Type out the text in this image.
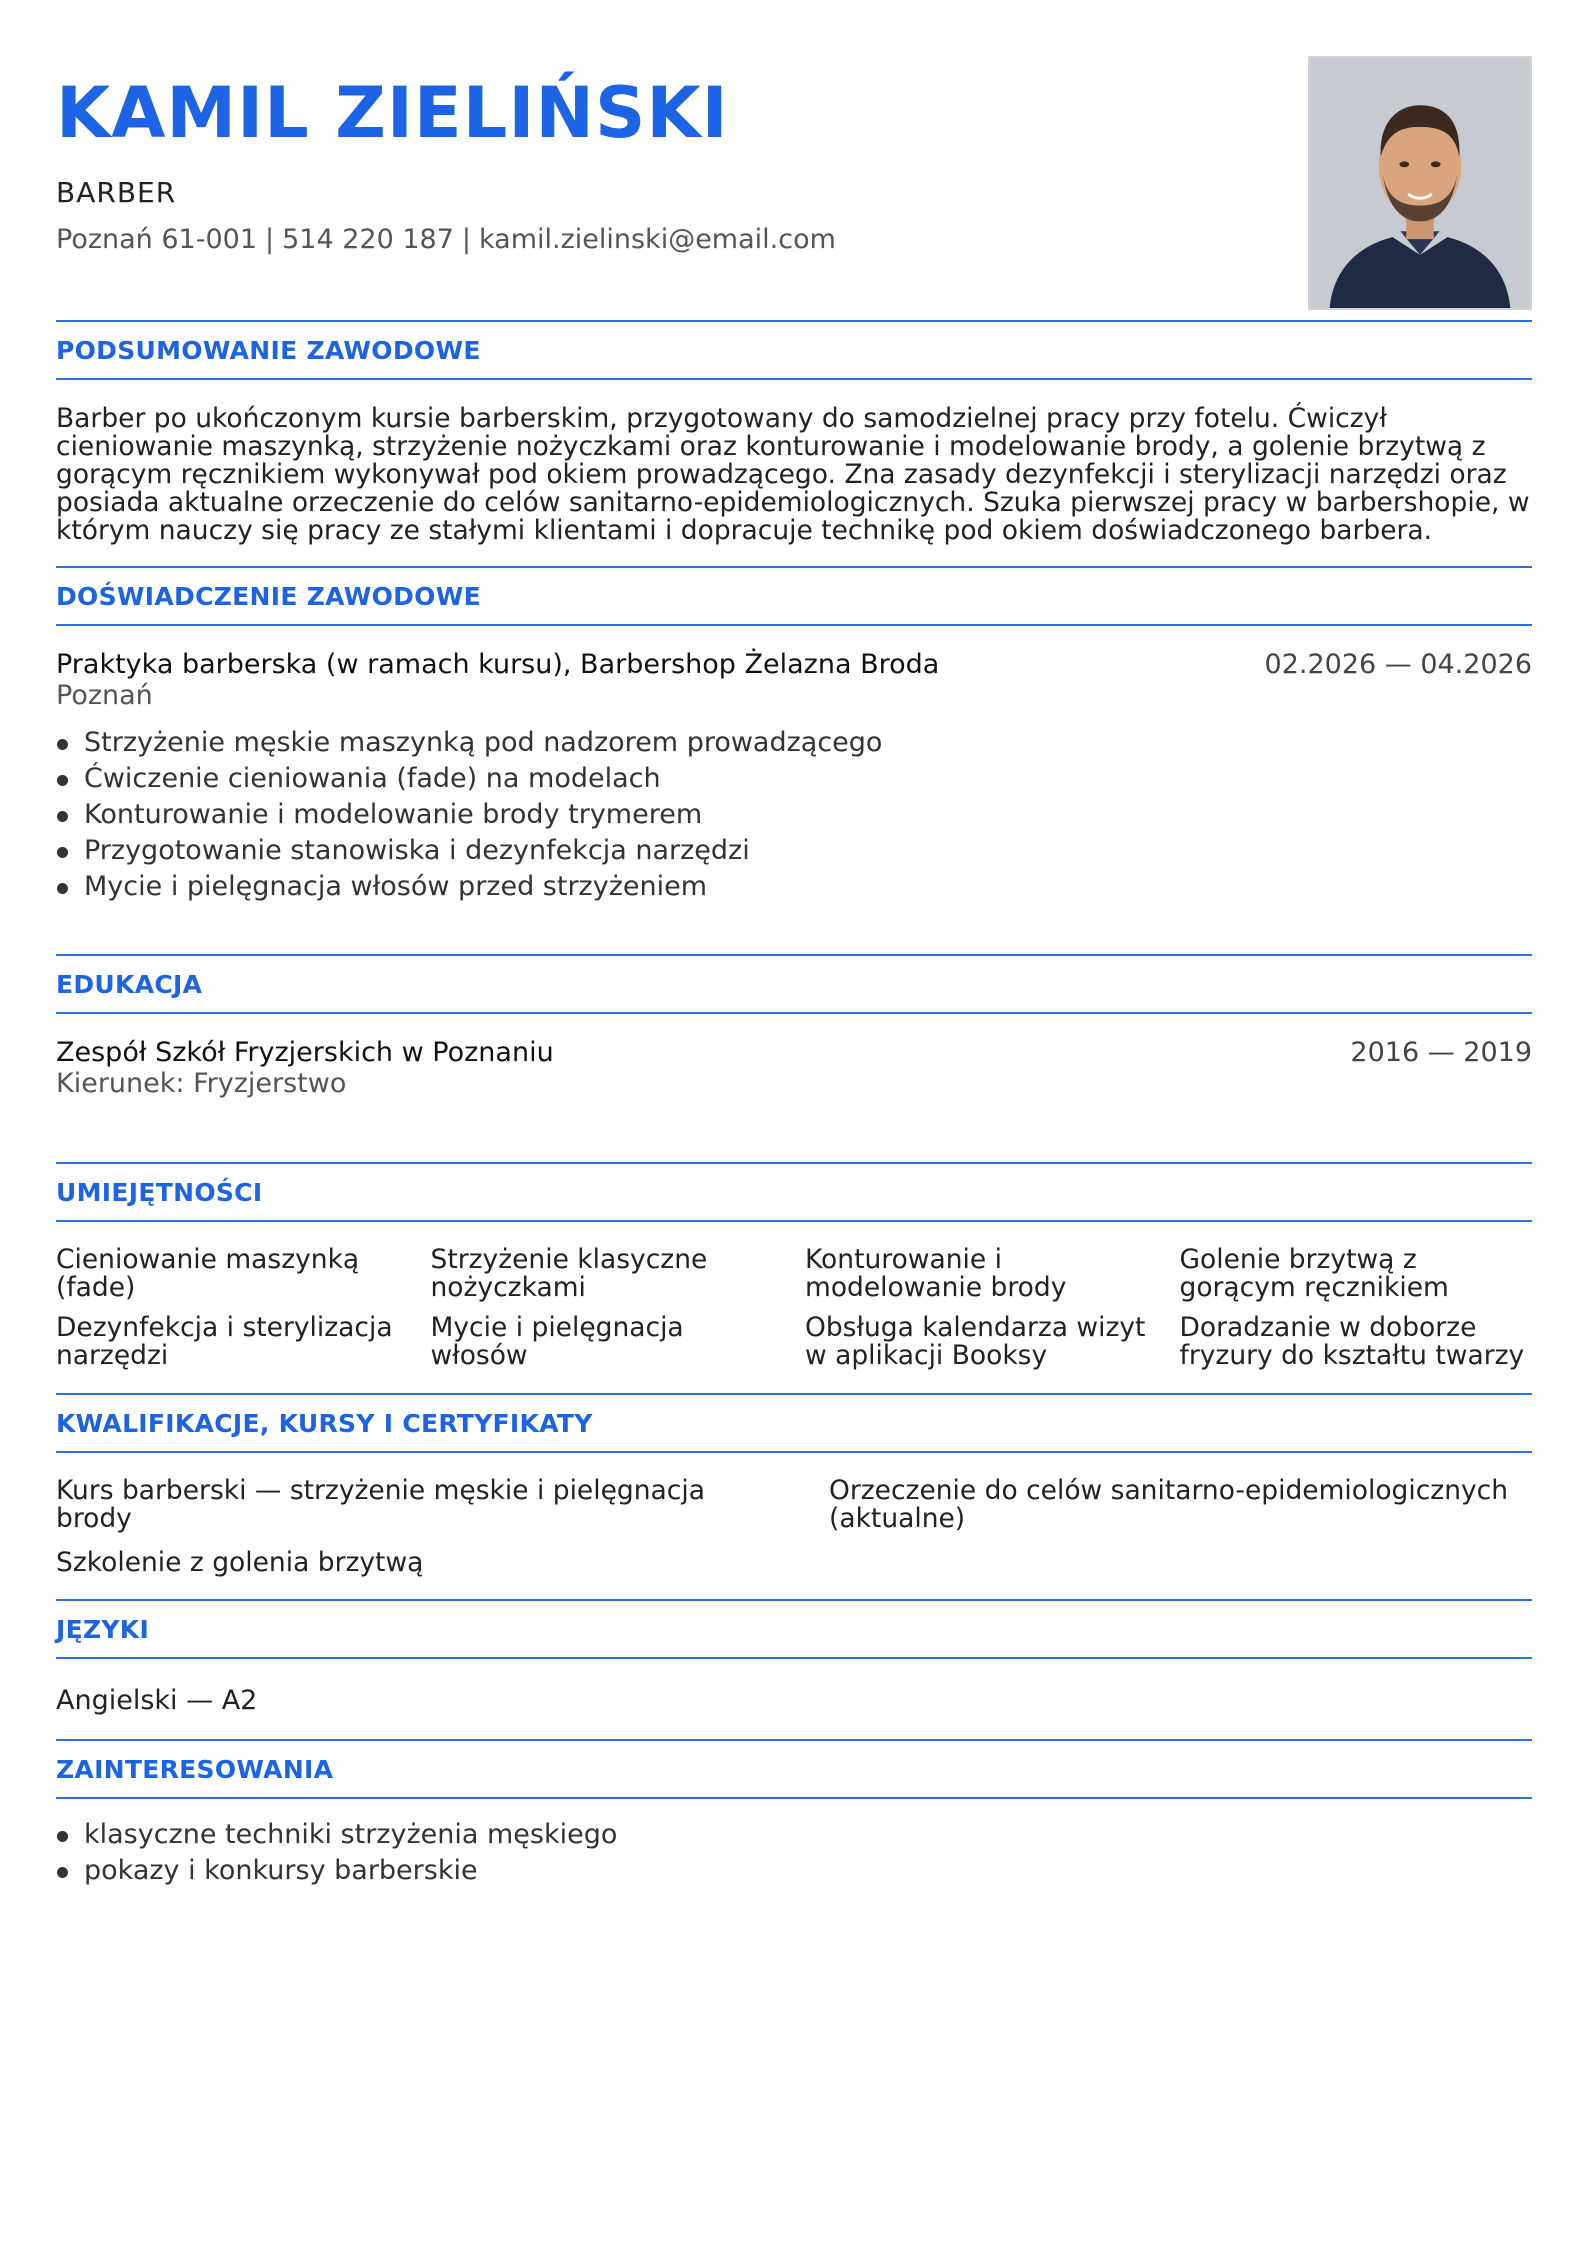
KAMIL ZIELIŃSKI
BARBER
Poznań 61-001 | 514 220 187 | kamil.zielinski@email.com
PODSUMOWANIE ZAWODOWE

Barber po ukończonym kursie barberskim, przygotowany do samodzielnej pracy przy fotelu. Ćwiczył cieniowanie maszynką, strzyżenie nożyczkami oraz konturowanie i modelowanie brody, a golenie brzytwą z gorącym ręcznikiem wykonywał pod okiem prowadzącego. Zna zasady dezynfekcji i sterylizacji narzędzi oraz posiada aktualne orzeczenie do celów sanitarno-epidemiologicznych. Szuka pierwszej pracy w barbershopie, w którym nauczy się pracy ze stałymi klientami i dopracuje technikę pod okiem doświadczonego barbera.

DOŚWIADCZENIE ZAWODOWE
Praktyka barberska (w ramach kursu), Barbershop Żelazna Broda	02.2026 — 04.2026
Poznań
Strzyżenie męskie maszynką pod nadzorem prowadzącego
Ćwiczenie cieniowania (fade) na modelach
Konturowanie i modelowanie brody trymerem
Przygotowanie stanowiska i dezynfekcja narzędzi
Mycie i pielęgnacja włosów przed strzyżeniem
EDUKACJA
Zespół Szkół Fryzjerskich w Poznaniu	2016 — 2019
Kierunek: Fryzjerstwo
UMIEJĘTNOŚCI
Cieniowanie maszynką (fade)
Strzyżenie klasyczne nożyczkami
Konturowanie i modelowanie brody
Golenie brzytwą z gorącym ręcznikiem
Dezynfekcja i sterylizacja narzędzi
Mycie i pielęgnacja włosów
Obsługa kalendarza wizyt w aplikacji Booksy
Doradzanie w doborze fryzury do kształtu twarzy
KWALIFIKACJE, KURSY I CERTYFIKATY
Kurs barberski — strzyżenie męskie i pielęgnacja brody
Orzeczenie do celów sanitarno-epidemiologicznych (aktualne)
Szkolenie z golenia brzytwą
JĘZYKI
Angielski — A2
ZAINTERESOWANIA
klasyczne techniki strzyżenia męskiego
pokazy i konkursy barberskie
